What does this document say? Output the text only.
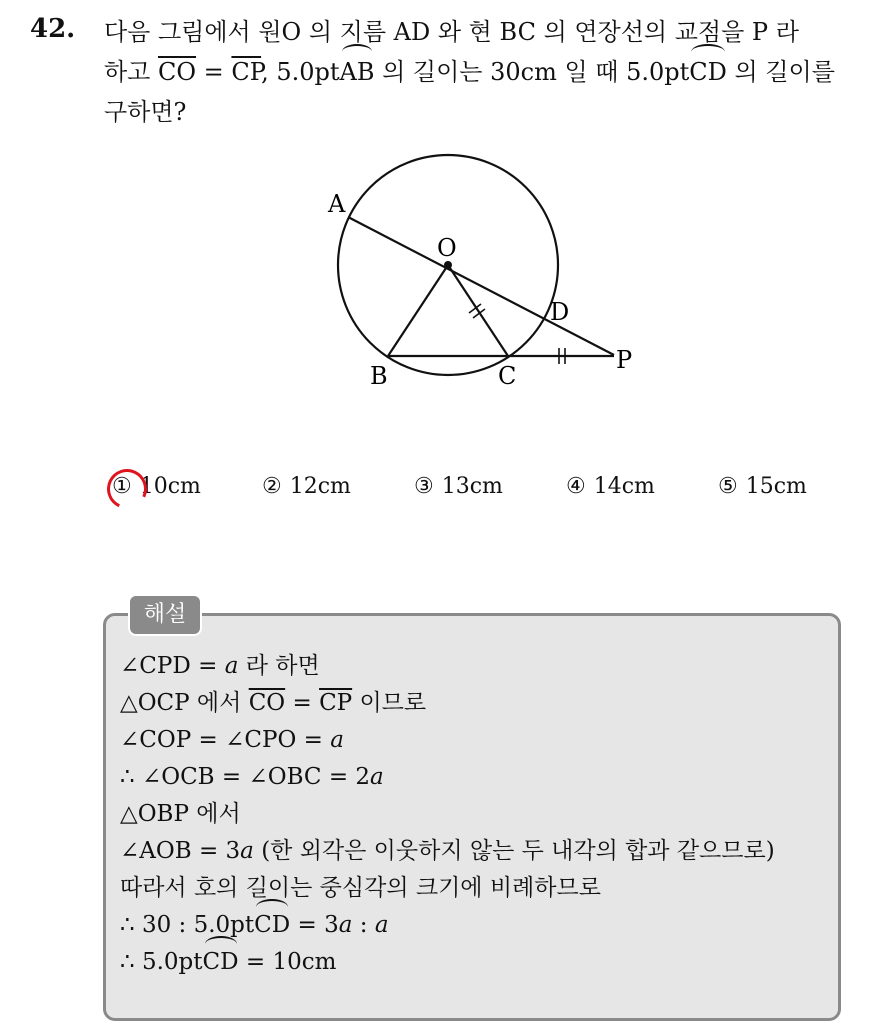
42. 다음 그림에서 원O 의 지름 AD 와 현 BC 의 연장선의 교점을 P 라
하고 $\overline{CO} = \overline{CP}$, 5.0ptAB 의 길이는 30cm 일 때 5.0ptCD 의 길이를
구하면?
A
O
D
P
B	C
① 10cm	② 12cm	③ 13cm	④ 14cm	⑤ 15cm
해설
∠CPD = a 라 하면
△OCP 에서 $\overline{CO} = \overline{CP}$ 이므로
∠COP = ∠CPO = a
∴ ∠OCB = ∠OBC = 2a
△OBP 에서
∠AOB = 3a (한 외각은 이웃하지 않는 두 내각의 합과 같으므로)
따라서 호의 길이는 중심각의 크기에 비례하므로
∴ 30 : 5.0ptCD = 3a : a
∴ 5.0ptCD = 10cm
